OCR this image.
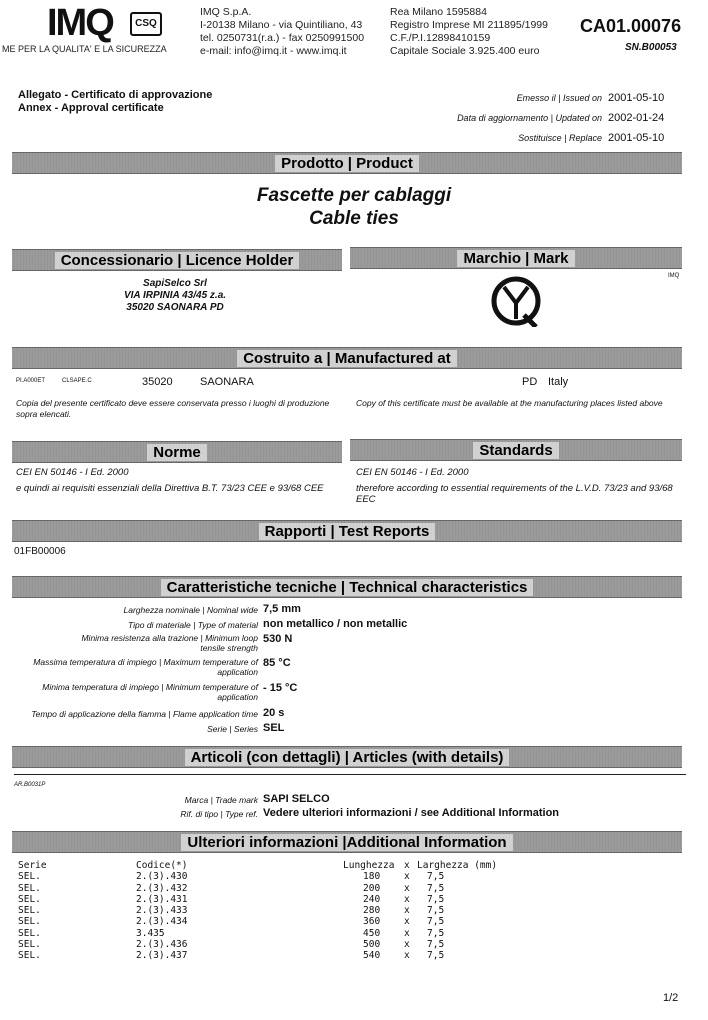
IMQ	CSQ
ME PER LA QUALITA' E LA SICUREZZA
IMQ S.p.A.
I-20138 Milano - via Quintiliano, 43
tel. 0250731(r.a.) - fax 0250991500
e-mail: info@imq.it - www.imq.it
Rea Milano 1595884
Registro Imprese MI 211895/1999
C.F./P.I.12898410159
Capitale Sociale 3.925.400 euro
CA01.00076
SN.B00053
Allegato - Certificato di approvazione
Annex - Approval certificate
Emesso il | Issued on 2001-05-10
Data di aggiornamento | Updated on 2002-01-24
Sostituisce | Replace 2001-05-10
Prodotto | Product
Fascette per cablaggi
Cable ties
Concessionario | Licence Holder	Marchio | Mark
SapiSelco Srl
VIA IRPINIA 43/45 z.a.
35020 SAONARA PD
IMQ
Costruito a | Manufactured at
PI.A000ET	CLSAPE.C	35020 SAONARA	PD Italy
Copia del presente certificato deve essere conservata presso i luoghi di produzione sopra elencati.
Copy of this certificate must be available at the manufacturing places listed above
Norme	Standards
CEI EN 50146 - I Ed. 2000
e quindi ai requisiti essenziali della Direttiva B.T. 73/23 CEE e 93/68 CEE
CEI EN 50146 - I Ed. 2000
therefore according to essential requirements of the L.V.D. 73/23 and 93/68 EEC
Rapporti | Test Reports
01FB00006
Caratteristiche tecniche | Technical characteristics
Larghezza nominale | Nominal wide 7,5 mm
Tipo di materiale | Type of material non metallico / non metallic
Minima resistenza alla trazione | Minimum loop tensile strength
530 N
Massima temperatura di impiego | Maximum temperature of application
85 °C
Minima temperatura di impiego | Minimum temperature of application
- 15 °C
Tempo di applicazione della fiamma | Flame application time 20 s
Serie | Series SEL
Articoli (con dettagli) | Articles (with details)
AR.B0031P
Marca | Trade mark SAPI SELCO
Rif. di tipo | Type ref. Vedere ulteriori informazioni / see Additional Information
Ulteriori informazioni |Additional Information
Serie	Codice(*)	Lunghezza x Larghezza (mm)
SEL.	2.(3).430	180	x 7,5
SEL.	2.(3).432	200	x 7,5
SEL.	2.(3).431	240	x 7,5
SEL.	2.(3).433	280	x 7,5
SEL.	2.(3).434	360	x 7,5
SEL.	3.435	450	x 7,5
SEL.	2.(3).436	500	x 7,5
SEL.	2.(3).437	540	x 7,5
1/2
